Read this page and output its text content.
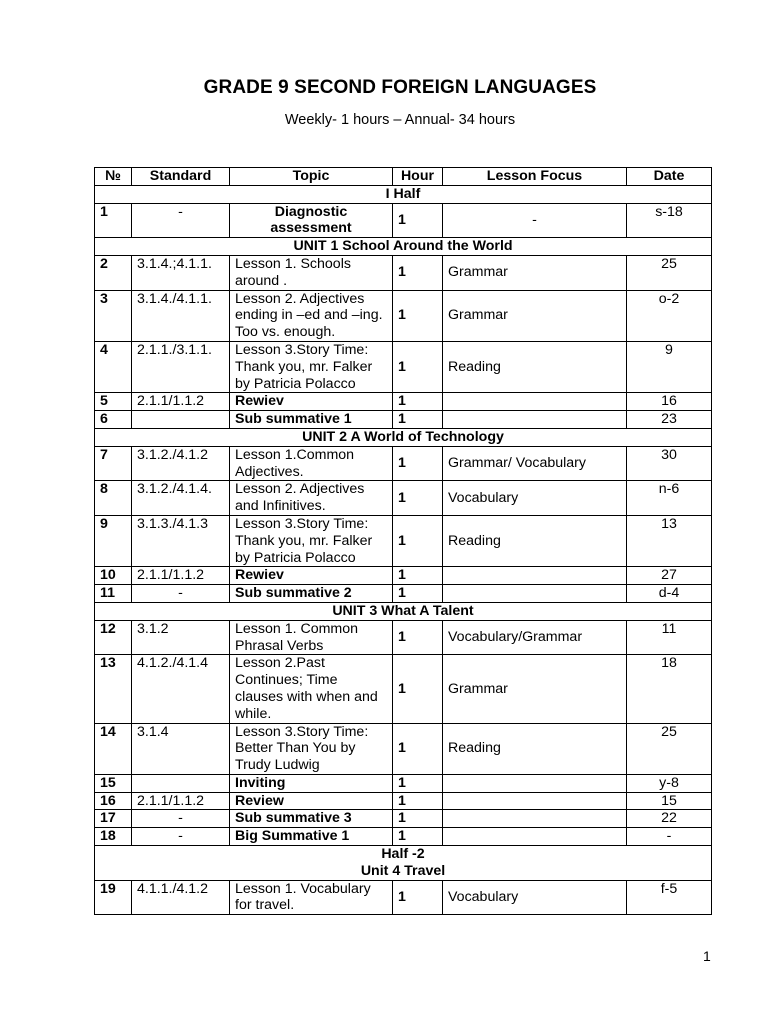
GRADE 9 SECOND FOREIGN LANGUAGES
Weekly- 1 hours – Annual- 34 hours
№	Standard	Topic	Hour	Lesson Focus	Date

I Half					

1	-	Diagnostic assessment	1	-	s-18

UNIT 1 School Around the World					

2	3.1.4.;4.1.1.	Lesson 1. Schools around .	1	Grammar	25
3	3.1.4./4.1.1.	Lesson 2. Adjectives ending in –ed and –ing. Too vs. enough.	1	Grammar	o-2
4	2.1.1./3.1.1.	Lesson 3.Story Time: Thank you, mr. Falker by Patricia Polacco	1	Reading	9
5	2.1.1/1.1.2	Rewiev	1		16
6		Sub summative 1	1		23

UNIT 2 A World of Technology					

7	3.1.2./4.1.2	Lesson 1.Common Adjectives.	1	Grammar/ Vocabulary	30
8	3.1.2./4.1.4.	Lesson 2. Adjectives and Infinitives.	1	Vocabulary	n-6
9	3.1.3./4.1.3	Lesson 3.Story Time: Thank you, mr. Falker by Patricia Polacco	1	Reading	13
10	2.1.1/1.1.2	Rewiev	1		27
11	-	Sub summative 2	1		d-4

UNIT 3 What A Talent					

12	3.1.2	Lesson 1. Common Phrasal Verbs	1	Vocabulary/Grammar	11
13	4.1.2./4.1.4	Lesson 2.Past Continues; Time clauses with when and while.	1	Grammar	18
14	3.1.4	Lesson 3.Story Time: Better Than You by Trudy Ludwig	1	Reading	25
15		Inviting	1		y-8
16	2.1.1/1.1.2	Review	1		15
17	-	Sub summative 3	1		22
18	-	Big Summative 1	1		-

Half -2
Unit 4 Travel					

19	4.1.1./4.1.2	Lesson 1. Vocabulary for travel.	1	Vocabulary	f-5
1
